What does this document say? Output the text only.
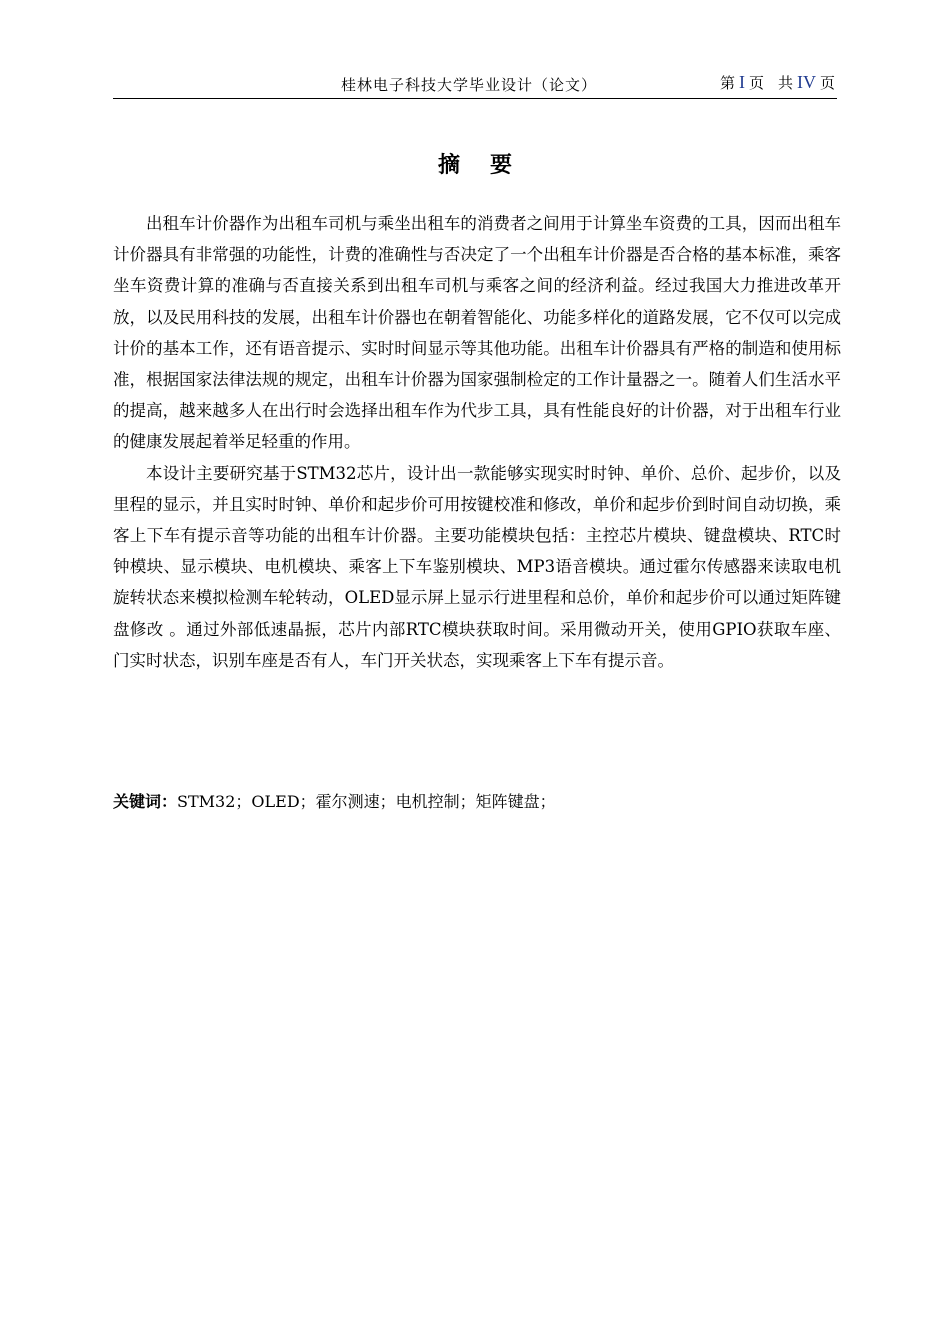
桂林电子科技大学毕业设计（论文）	第 I 页 共 IV 页
摘要

出租车计价器作为出租车司机与乘坐出租车的消费者之间用于计算坐车资费的工具，因而出租车计价器具有非常强的功能性，计费的准确性与否决定了一个出租车计价器是否合格的基本标准，乘客坐车资费计算的准确与否直接关系到出租车司机与乘客之间的经济利益。经过我国大力推进改革开放，以及民用科技的发展，出租车计价器也在朝着智能化、功能多样化的道路发展，它不仅可以完成计价的基本工作，还有语音提示、实时时间显示等其他功能。出租车计价器具有严格的制造和使用标准，根据国家法律法规的规定，出租车计价器为国家强制检定的工作计量器之一。随着人们生活水平的提高，越来越多人在出行时会选择出租车作为代步工具，具有性能良好的计价器，对于出租车行业的健康发展起着举足轻重的作用。

本设计主要研究基于STM32芯片，设计出一款能够实现实时时钟、单价、总价、起步价，以及里程的显示，并且实时时钟、单价和起步价可用按键校准和修改，单价和起步价到时间自动切换，乘客上下车有提示音等功能的出租车计价器。主要功能模块包括：主控芯片模块、键盘模块、RTC时钟模块、显示模块、电机模块、乘客上下车鉴别模块、MP3语音模块。通过霍尔传感器来读取电机旋转状态来模拟检测车轮转动，OLED显示屏上显示行进里程和总价，单价和起步价可以通过矩阵键盘修改 。通过外部低速晶振，芯片内部RTC模块获取时间。采用微动开关，使用GPIO获取车座、门实时状态，识别车座是否有人，车门开关状态，实现乘客上下车有提示音。

关键词：STM32；OLED；霍尔测速；电机控制；矩阵键盘；
